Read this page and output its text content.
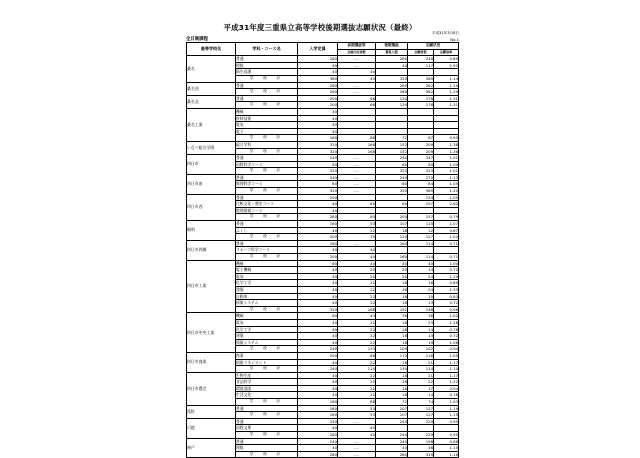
平成31年度三重県立高等学校後期選抜志願状況（最終）
平成31年3月6日
No.1
全日制課程
高等学校名	学科・コース名	入学定員	前期選抜等	後期選抜	志願状況	
			合格内定者数	募集人数	志願者数	志願倍率

桑名	普通	280	----	280	248	0.89
	理数	40	----	40	117	2.93
	衛生看護	40	40			
	学　校　計	360	40	320	365	1.14

桑名西	普通	280	----	280	362	1.29
	学　校　計	280	----	280	362	1.29

桑名北	普通	200	66	134	176	1.31
	学　校　計	200	66	134	176	1.31

桑名工業	機械	40				
	材料技術	40				
	電気	40				
	電子	40				
	学　校　計	160	88	72	67	0.93

いなべ総合学園	総合学科	320	168	152	209	1.38
	学　校　計	320	168	152	209	1.38

四日市	普通	240	----	240	247	1.01
	国際科学コース	80	----	80	80	1.00
	学　校　計	320	----	320	323	1.01

四日市南	普通	240	----	240	272	1.13
	数理科学コース	80	----	80	84	1.05
	学　校　計	320	----	320	385	1.20

四日市西	普通	200			134	1.05
	比較文化・歴史コース	40	80	60	157	2.62
	数理情報コース	40				
	学　校　計	280	80	200	157	0.79

朝明	普通	160	53	107	115	1.07
	ふくし	40	22	18	12	0.67
	学　校　計	200	75	125	127	1.02

四日市四郷	普通	160	----	160	114	0.71
	スポーツ科学コース	40	40			
	学　校　計	200	40	160	114	0.71

四日市工業	機械	80	40	40	40	1.00
	電子機械	40	20	20	14	0.70
	電気	40	20	20	24	1.20
	化学工学	40	22	18	16	0.89
	建築	40	22	18	24	1.33
	自動車	40	22	18	15	0.83
	情報システム	40	22	18	13	0.72
	学　校　計	320	168	152	146	0.96

四日市中央工業	機械	80	44	36	38	1.02
	電気	40	22	18	23	1.28
	化学工学	40	22	18	14	0.78
	建築	40	22	18	13	0.72
	情報システム	40	22	18	19	1.06
	学　校　計	240	133	109	102	0.94

四日市商業	商業	200	88	112	118	1.05
	情報マネジメント	40	22	18	21	1.17
	学　校　計	240	110	130	114	1.10

四日市農芸	生物生産	40	22	18	21	1.17
	食品科学	40	22	18	22	1.22
	環境造園	40	22	18	17	0.94
	生活文化	40	22	18	14	0.78
	学　校　計	160	88	72	74	1.03

菰野	普通	160	53	107	127	1.19
	学　校　計	160	53	107	127	1.19

川越	普通	240	----	240	229	0.95
	国際文理	40	40			
	学　校　計	280	40	240	229	0.95

神戸	普通	240	----	240	198	0.86
	理数	40	----	40	46	1.15
	学　校　計	280	----	280	325	1.16
